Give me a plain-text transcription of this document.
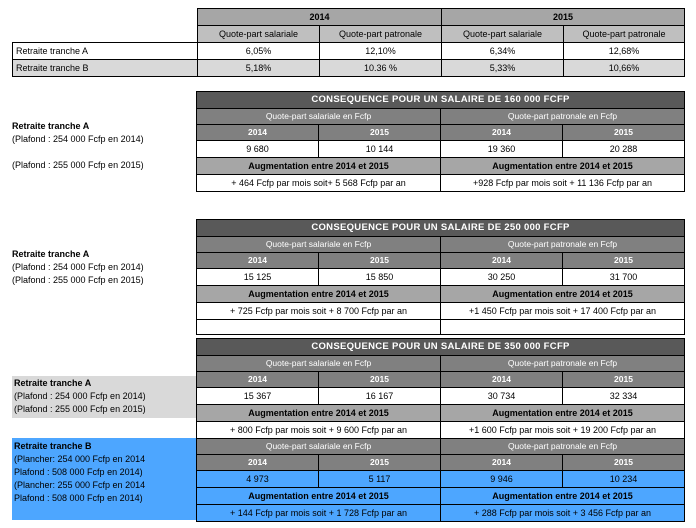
	2014		2015	
	Quote-part salariale	Quote-part patronale	Quote-part salariale	Quote-part patronale
Retraite tranche A	6,05%	12,10%	6,34%	12,68%
Retraite tranche B	5,18%	10.36 %	5,33%	10,66%
Retraite tranche A
(Plafond : 254 000 Fcfp en 2014)
(Plafond : 255 000 Fcfp en 2015)
CONSEQUENCE POUR UN SALAIRE DE 160 000 FCFP			
Quote-part salariale en Fcfp		Quote-part patronale en Fcfp	
2014	2015	2014	2015
9 680	10 144	19 360	20 288
Augmentation entre 2014 et 2015		Augmentation entre 2014 et 2015	
+ 464 Fcfp par mois soit+ 5 568 Fcfp par an		+928 Fcfp par mois soit + 11 136 Fcfp par an	
Retraite tranche A
(Plafond : 254 000 Fcfp en 2014)
(Plafond : 255 000 Fcfp en 2015)
CONSEQUENCE POUR UN SALAIRE DE 250 000 FCFP			
Quote-part salariale en Fcfp		Quote-part patronale en Fcfp	
2014	2015	2014	2015
15 125	15 850	30 250	31 700
Augmentation entre 2014 et 2015		Augmentation entre 2014 et 2015	
+ 725 Fcfp par mois soit + 8 700 Fcfp par an		+1 450 Fcfp par mois soit + 17 400 Fcfp par an	

Retraite tranche A
(Plafond : 254 000 Fcfp en 2014)
(Plafond : 255 000 Fcfp en 2015)
CONSEQUENCE POUR UN SALAIRE DE 350 000 FCFP			
Quote-part salariale en Fcfp		Quote-part patronale en Fcfp	
2014	2015	2014	2015
15 367	16 167	30 734	32 334
Augmentation entre 2014 et 2015		Augmentation entre 2014 et 2015	
+ 800 Fcfp par mois soit + 9 600 Fcfp par an		+1 600 Fcfp par mois soit + 19 200 Fcfp par an	
Retraite tranche B
(Plancher: 254 000 Fcfp en 2014
Plafond : 508 000 Fcfp en 2014)
(Plancher: 255 000 Fcfp en 2014
Plafond : 508 000 Fcfp en 2014)
Quote-part salariale en Fcfp		Quote-part patronale en Fcfp	
2014	2015	2014	2015
4 973	5 117	9 946	10 234
Augmentation entre 2014 et 2015		Augmentation entre 2014 et 2015	
+ 144 Fcfp par mois soit + 1 728 Fcfp par an		+ 288 Fcfp par mois soit + 3 456 Fcfp par an	
